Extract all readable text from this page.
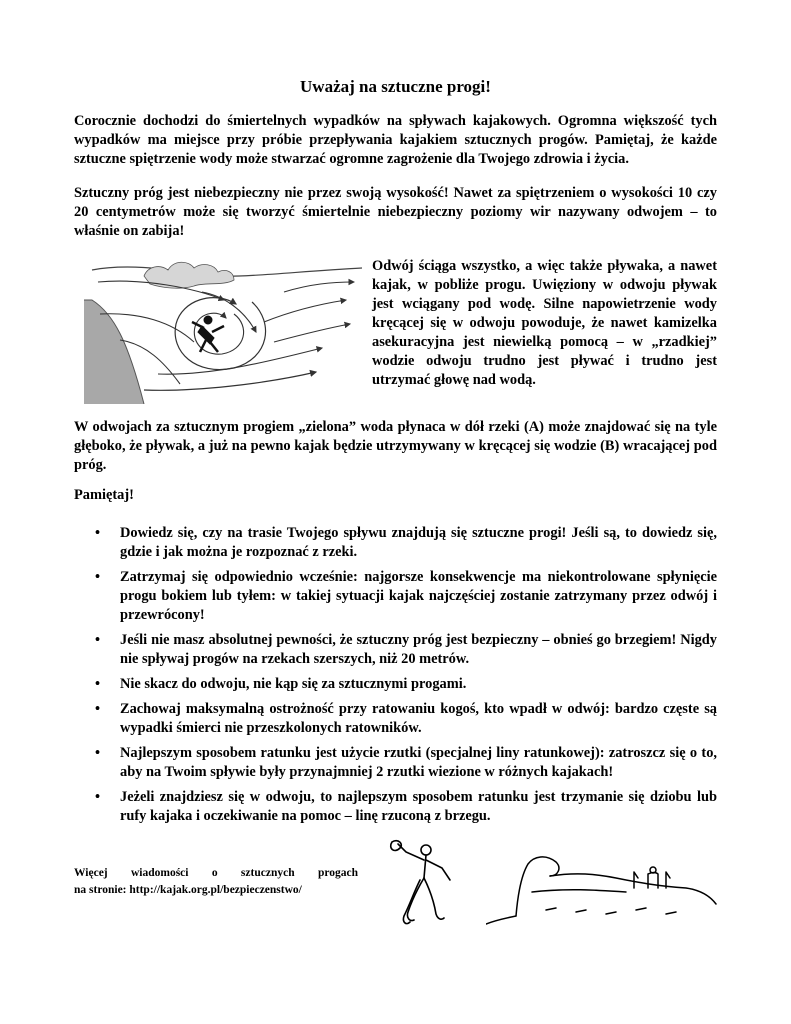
Uważaj na sztuczne progi!

Corocznie dochodzi do śmiertelnych wypadków na spływach kajakowych. Ogromna większość tych wypadków ma miejsce przy próbie przepływania kajakiem sztucznych progów. Pamiętaj, że każde sztuczne spiętrzenie wody może stwarzać ogromne zagrożenie dla Twojego zdrowia i życia.

Sztuczny próg jest niebezpieczny nie przez swoją wysokość! Nawet za spiętrzeniem o wysokości 10 czy 20 centymetrów może się tworzyć śmiertelnie niebezpieczny poziomy wir nazywany odwojem – to właśnie on zabija!

Odwój ściąga wszystko, a więc także pływaka, a nawet kajak, w pobliże progu. Uwięziony w odwoju pływak jest wciągany pod wodę. Silne napowietrzenie wody kręcącej się w odwoju powoduje, że nawet kamizelka asekuracyjna jest niewielką pomocą – w „rzadkiej” wodzie odwoju trudno jest pływać i trudno jest utrzymać głowę nad wodą.

W odwojach za sztucznym progiem „zielona” woda płynaca w dół rzeki (A) może znajdować się na tyle głęboko, że pływak, a już na pewno kajak będzie utrzymywany w kręcącej się wodzie (B) wracającej pod próg.

Pamiętaj!
• Dowiedz się, czy na trasie Twojego spływu znajdują się sztuczne progi! Jeśli są, to dowiedz się, gdzie i jak można je rozpoznać z rzeki.
• Zatrzymaj się odpowiednio wcześnie: najgorsze konsekwencje ma niekontrolowane spłynięcie progu bokiem lub tyłem: w takiej sytuacji kajak najczęściej zostanie zatrzymany przez odwój i przewrócony!
• Jeśli nie masz absolutnej pewności, że sztuczny próg jest bezpieczny – obnieś go brzegiem! Nigdy nie spływaj progów na rzekach szerszych, niż 20 metrów.
• Nie skacz do odwoju, nie kąp się za sztucznymi progami.
• Zachowaj maksymalną ostrożność przy ratowaniu kogoś, kto wpadł w odwój: bardzo częste są wypadki śmierci nie przeszkolonych ratowników.
• Najlepszym sposobem ratunku jest użycie rzutki (specjalnej liny ratunkowej): zatroszcz się o to, aby na Twoim spływie były przynajmniej 2 rzutki wiezione w różnych kajakach!
• Jeżeli znajdziesz się w odwoju, to najlepszym sposobem ratunku jest trzymanie się dziobu lub rufy kajaka i oczekiwanie na pomoc – linę rzuconą z brzegu.
Więcej wiadomości o sztucznych progach
na stronie: http://kajak.org.pl/bezpieczenstwo/
